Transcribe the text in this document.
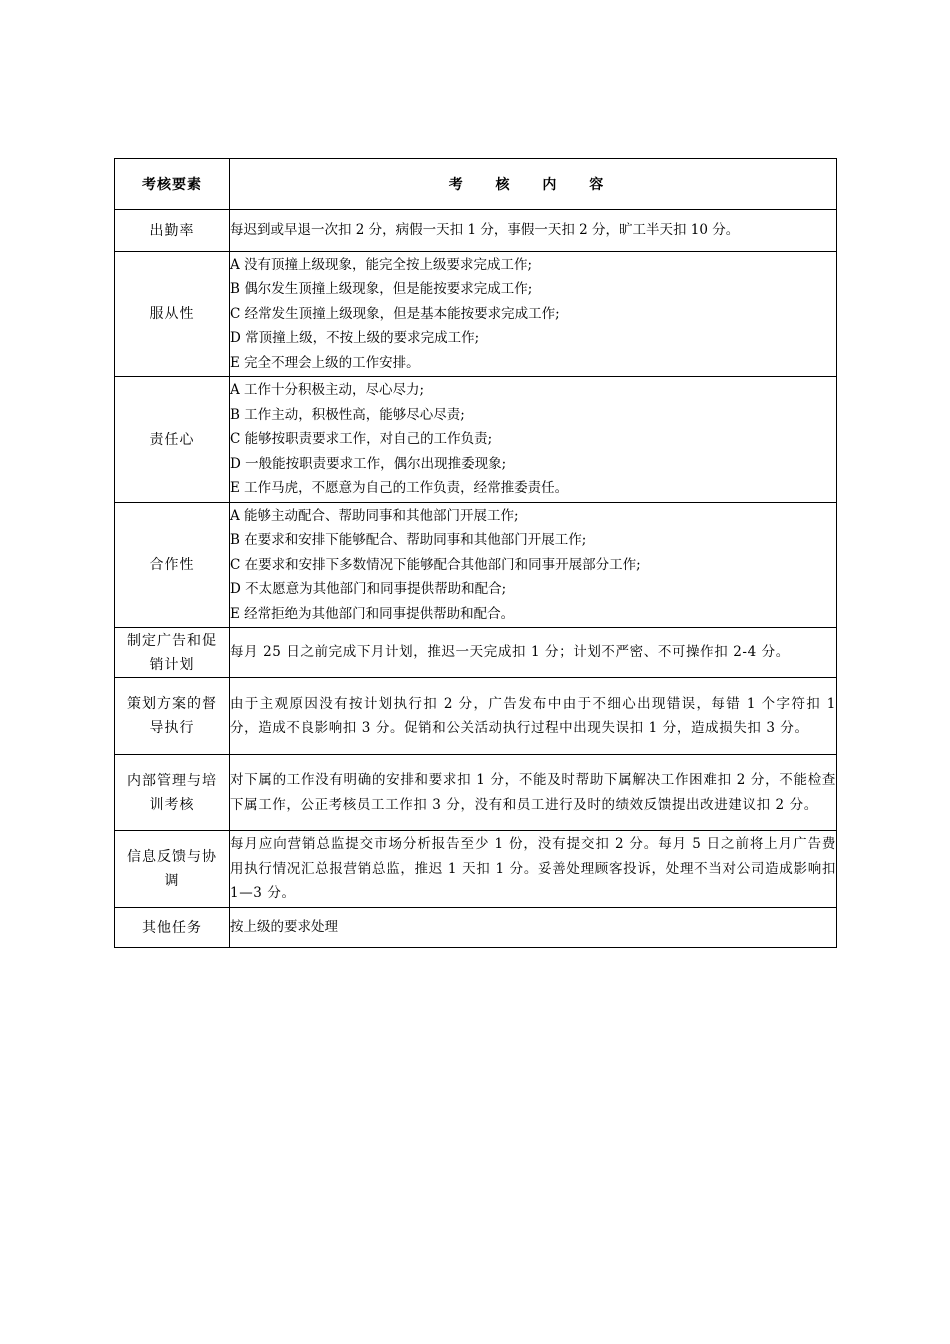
考核要素	考 核 内 容
出勤率	每迟到或早退一次扣 2 分，病假一天扣 1 分，事假一天扣 2 分，旷工半天扣 10 分。

服从性	A 没有顶撞上级现象，能完全按上级要求完成工作;
B 偶尔发生顶撞上级现象，但是能按要求完成工作;
C 经常发生顶撞上级现象，但是基本能按要求完成工作;
D 常顶撞上级，不按上级的要求完成工作;
E 完全不理会上级的工作安排。

责任心	A 工作十分积极主动，尽心尽力;
B 工作主动，积极性高，能够尽心尽责;
C 能够按职责要求工作，对自己的工作负责;
D 一般能按职责要求工作，偶尔出现推委现象;
E 工作马虎，不愿意为自己的工作负责，经常推委责任。

合作性	A 能够主动配合、帮助同事和其他部门开展工作;
B 在要求和安排下能够配合、帮助同事和其他部门开展工作;
C 在要求和安排下多数情况下能够配合其他部门和同事开展部分工作;
D 不太愿意为其他部门和同事提供帮助和配合;
E 经常拒绝为其他部门和同事提供帮助和配合。

制定广告和促销计划	每月 25 日之前完成下月计划，推迟一天完成扣 1 分；计划不严密、不可操作扣 2-4 分。

策划方案的督导执行	由于主观原因没有按计划执行扣 2 分，广告发布中由于不细心出现错误，每错 1 个字符扣 1 分，造成不良影响扣 3 分。促销和公关活动执行过程中出现失误扣 1 分，造成损失扣 3 分。

内部管理与培训考核	对下属的工作没有明确的安排和要求扣 1 分，不能及时帮助下属解决工作困难扣 2 分，不能检查下属工作，公正考核员工工作扣 3 分，没有和员工进行及时的绩效反馈提出改进建议扣 2 分。

信息反馈与协调	每月应向营销总监提交市场分析报告至少 1 份，没有提交扣 2 分。每月 5 日之前将上月广告费用执行情况汇总报营销总监，推迟 1 天扣 1 分。妥善处理顾客投诉，处理不当对公司造成影响扣 1—3 分。

其他任务	按上级的要求处理
